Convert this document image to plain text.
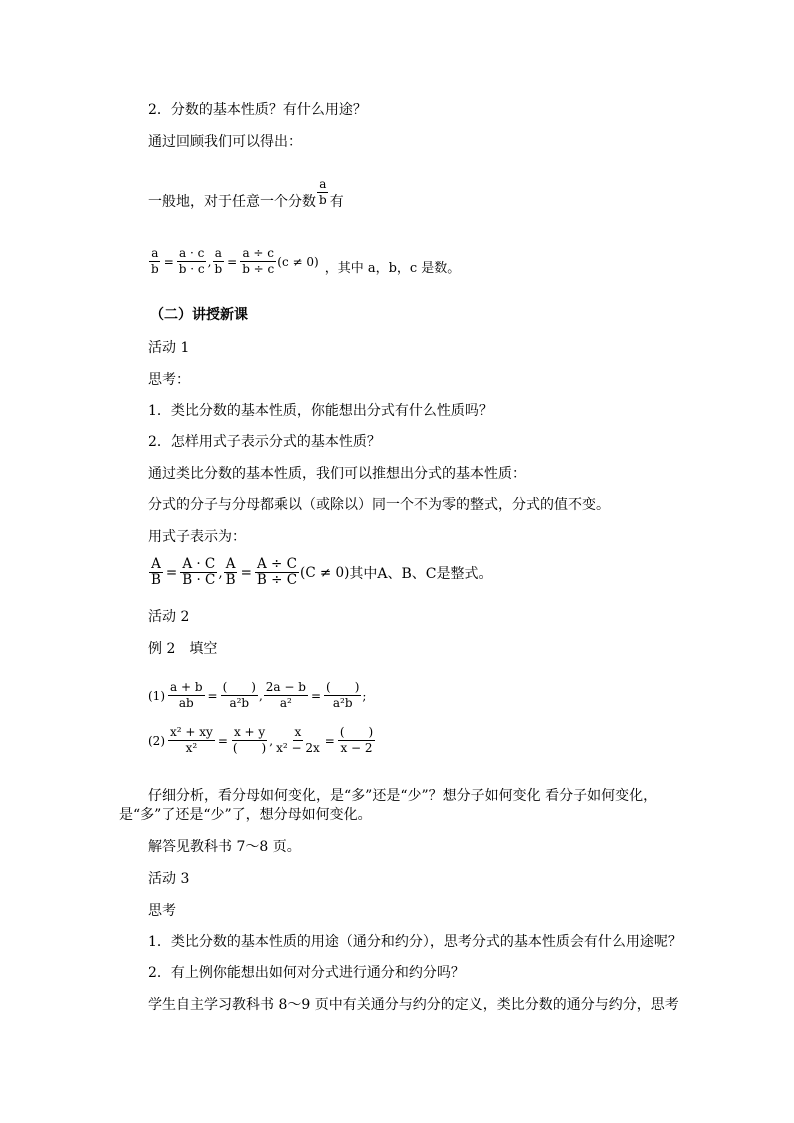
2．分数的基本性质？有什么用途？
通过回顾我们可以得出：
一般地，对于任意一个分数 $\frac{a}{b}$ 有
$\frac{a}{b} = \frac{a \cdot c}{b \cdot c}$ , $\frac{a}{b} = \frac{a \div c}{b \div c} (c \ne 0)$ ，其中 a，b，c 是数。
（二）讲授新课
活动 1
思考：
1．类比分数的基本性质，你能想出分式有什么性质吗？
2．怎样用式子表示分式的基本性质？
通过类比分数的基本性质，我们可以推想出分式的基本性质：
分式的分子与分母都乘以（或除以）同一个不为零的整式，分式的值不变。
用式子表示为：
$\frac{A}{B} = \frac{A \cdot C}{B \cdot C}$ , $\frac{A}{B} = \frac{A \div C}{B \div C} (C \ne 0)$ 其中A、B、C是整式。
活动 2
例 2　填空
$(1) \frac{a + b}{ab} = \frac{( )}{\text{a²b}}$ , $\frac{2a - b}{\text{a²}} = \frac{( )}{\text{a²b}}$ ;
$(2) \frac{\text{x² + xy}}{\text{x²}} = \frac{x + y}{( )}$ , $\frac{x}{\text{x² − 2x}} = \frac{( )}{x - 2}$
仔细分析，看分母如何变化，是“多”还是“少”？想分子如何变化 看分子如何变化，
是“多”了还是“少”了，想分母如何变化。
解答见教科书 7～8 页。
活动 3
思考
1．类比分数的基本性质的用途（通分和约分），思考分式的基本性质会有什么用途呢？
2．有上例你能想出如何对分式进行通分和约分吗？
学生自主学习教科书 8～9 页中有关通分与约分的定义，类比分数的通分与约分，思考
